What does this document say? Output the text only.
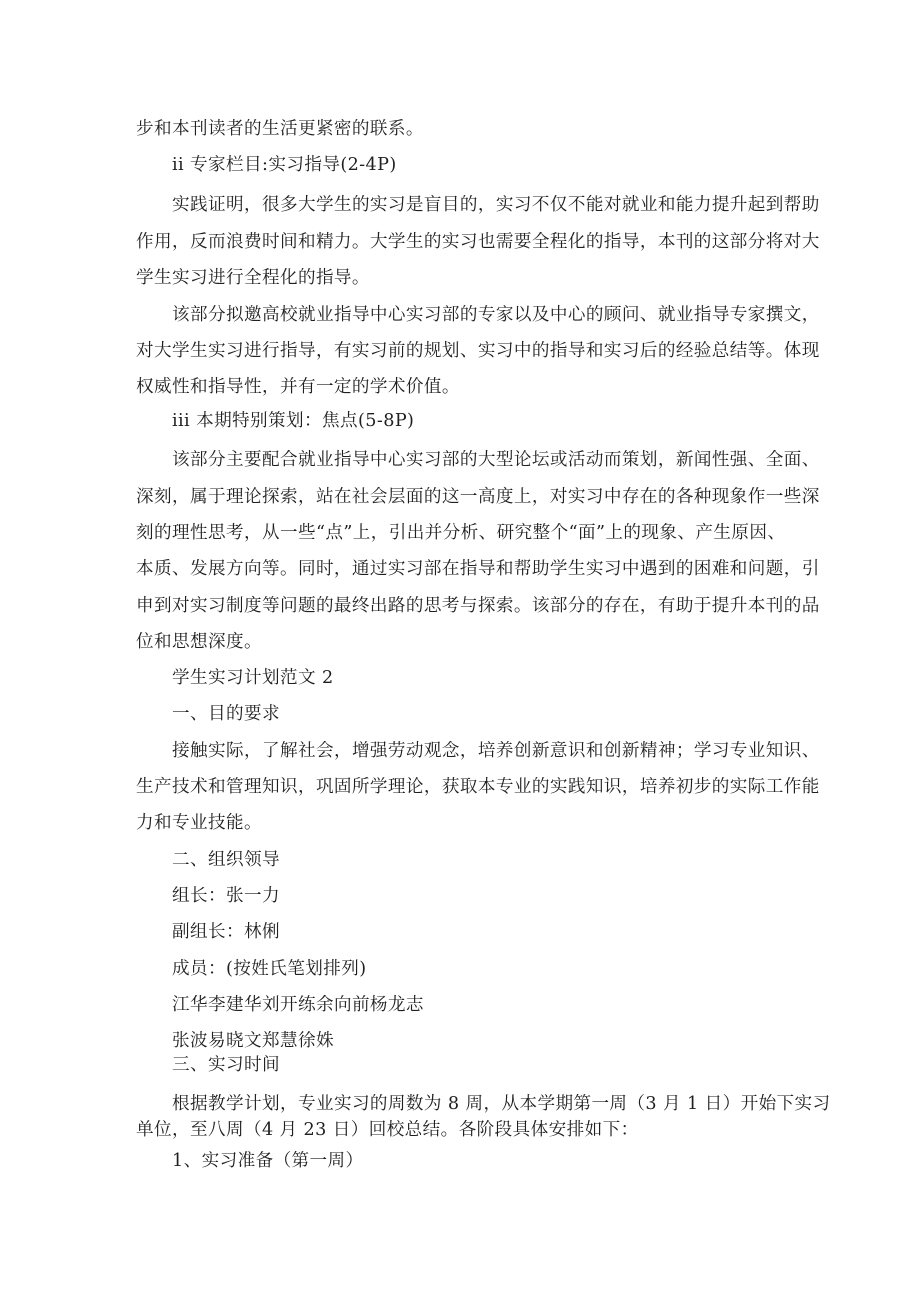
步和本刊读者的生活更紧密的联系。

ii 专家栏目:实习指导(2-4P)

实践证明，很多大学生的实习是盲目的，实习不仅不能对就业和能力提升起到帮助

作用，反而浪费时间和精力。大学生的实习也需要全程化的指导，本刊的这部分将对大

学生实习进行全程化的指导。

该部分拟邀高校就业指导中心实习部的专家以及中心的顾问、就业指导专家撰文，

对大学生实习进行指导，有实习前的规划、实习中的指导和实习后的经验总结等。体现

权威性和指导性，并有一定的学术价值。

iii 本期特别策划：焦点(5-8P)

该部分主要配合就业指导中心实习部的大型论坛或活动而策划，新闻性强、全面、

深刻，属于理论探索，站在社会层面的这一高度上，对实习中存在的各种现象作一些深

刻的理性思考，从一些“点”上，引出并分析、研究整个“面”上的现象、产生原因、

本质、发展方向等。同时，通过实习部在指导和帮助学生实习中遇到的困难和问题，引

申到对实习制度等问题的最终出路的思考与探索。该部分的存在，有助于提升本刊的品

位和思想深度。

学生实习计划范文 2

一、目的要求

接触实际，了解社会，增强劳动观念，培养创新意识和创新精神；学习专业知识、

生产技术和管理知识，巩固所学理论，获取本专业的实践知识，培养初步的实际工作能

力和专业技能。

二、组织领导

组长：张一力

副组长：林俐

成员：(按姓氏笔划排列)

江华李建华刘开练余向前杨龙志

张波易晓文郑慧徐姝

三、实习时间

根据教学计划，专业实习的周数为 8 周，从本学期第一周（3 月 1 日）开始下实习

单位，至八周（4 月 23 日）回校总结。各阶段具体安排如下：

1、实习准备（第一周）
